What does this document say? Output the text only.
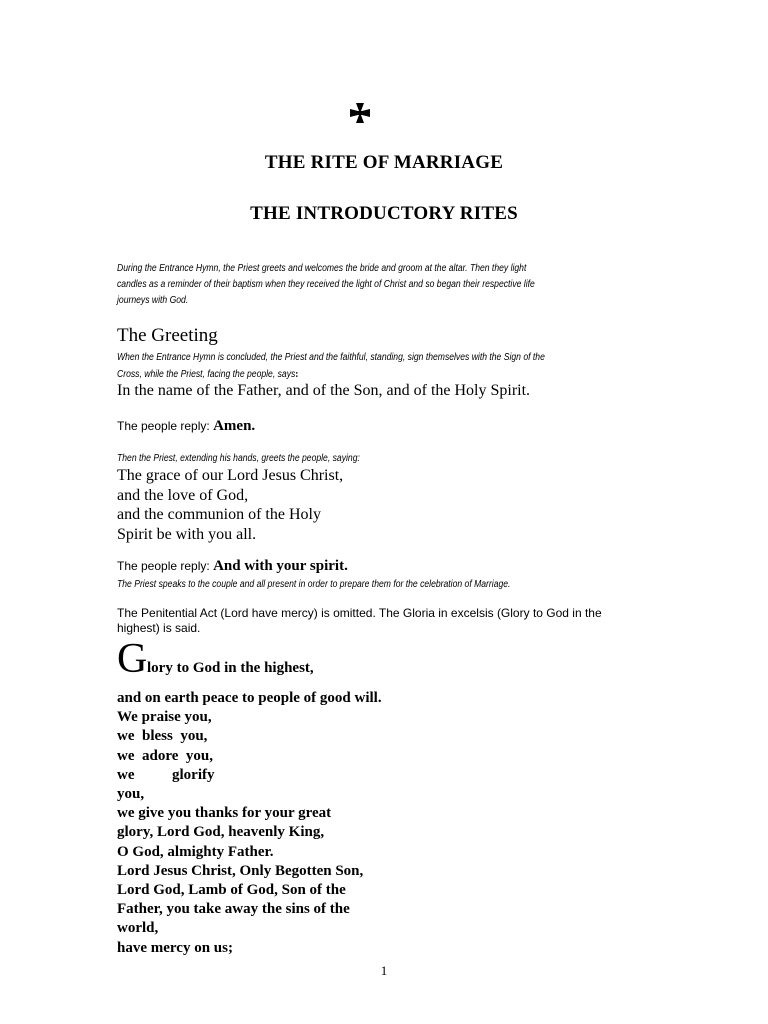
THE RITE OF MARRIAGE
THE INTRODUCTORY RITES
During the Entrance Hymn, the Priest greets and welcomes the bride and groom at the altar. Then they light
candles as a reminder of their baptism when they received the light of Christ and so began their respective life
journeys with God.
The Greeting
When the Entrance Hymn is concluded, the Priest and the faithful, standing, sign themselves with the Sign of the
Cross, while the Priest, facing the people, says:
In the name of the Father, and of the Son, and of the Holy Spirit.
The people reply: Amen.
Then the Priest, extending his hands, greets the people, saying:
The grace of our Lord Jesus Christ,
and the love of God,
and the communion of the Holy
Spirit be with you all.
The people reply: And with your spirit.
The Priest speaks to the couple and all present in order to prepare them for the celebration of Marriage.
The Penitential Act (Lord have mercy) is omitted. The Gloria in excelsis (Glory to God in the
highest) is said.
G lory to God in the highest,
and on earth peace to people of good will.
We praise you,
we  bless  you,
we  adore  you,
we          glorify
you,
we give you thanks for your great
glory, Lord God, heavenly King,
O God, almighty Father.
Lord Jesus Christ, Only Begotten Son,
Lord God, Lamb of God, Son of the
Father, you take away the sins of the
world,
have mercy on us;
1
